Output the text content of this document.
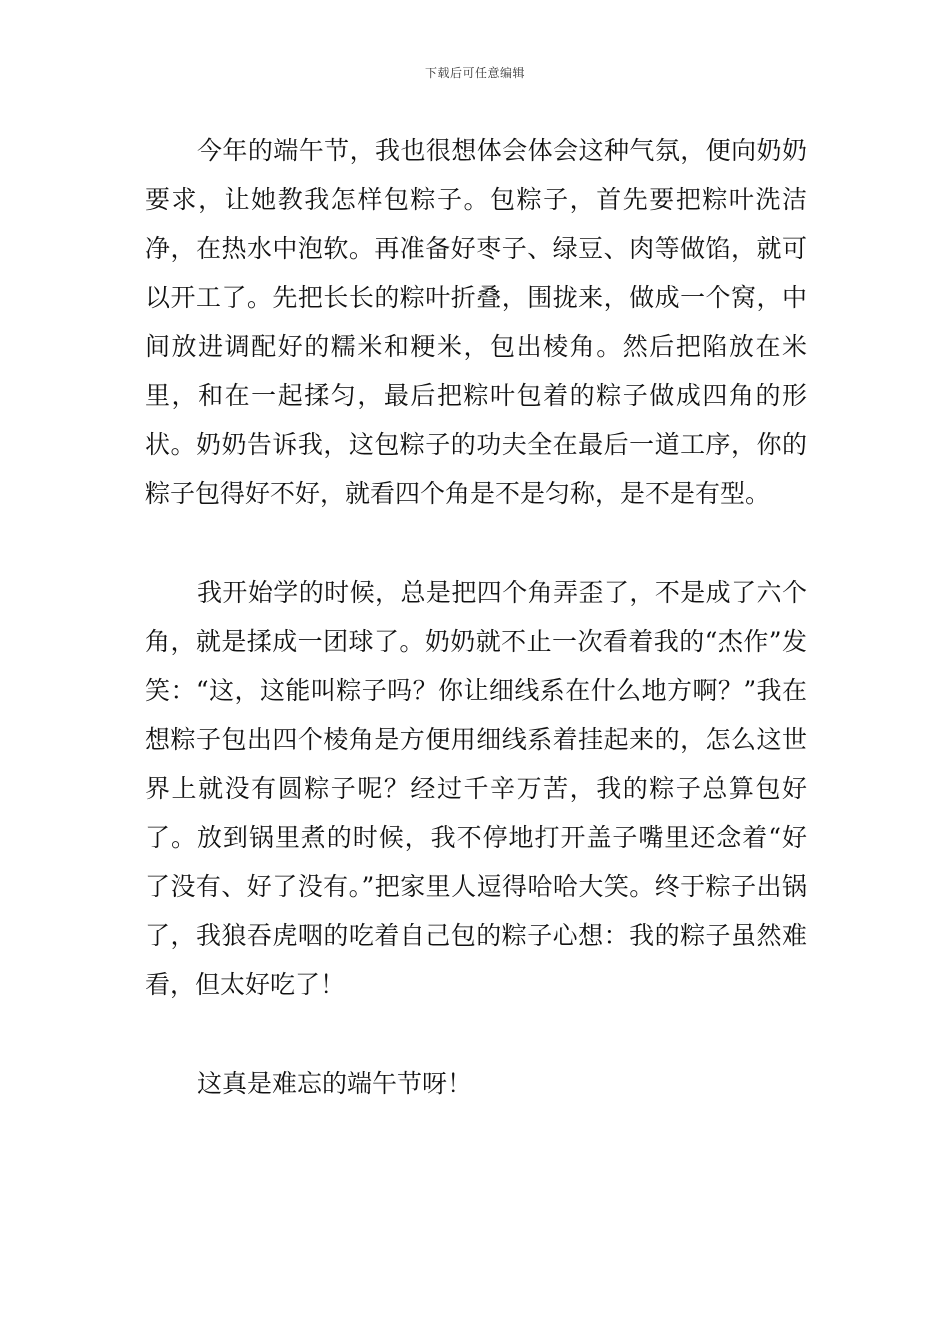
下载后可任意编辑

今年的端午节，我也很想体会体会这种气氛，便向奶奶要求，让她教我怎样包粽子。包粽子，首先要把粽叶洗洁净，在热水中泡软。再准备好枣子、绿豆、肉等做馅，就可以开工了。先把长长的粽叶折叠，围拢来，做成一个窝，中间放进调配好的糯米和粳米，包出棱角。然后把陷放在米里，和在一起揉匀，最后把粽叶包着的粽子做成四角的形状。奶奶告诉我，这包粽子的功夫全在最后一道工序，你的粽子包得好不好，就看四个角是不是匀称，是不是有型。

我开始学的时候，总是把四个角弄歪了，不是成了六个角，就是揉成一团球了。奶奶就不止一次看着我的“杰作”发笑：“这，这能叫粽子吗？你让细线系在什么地方啊？”我在想粽子包出四个棱角是方便用细线系着挂起来的，怎么这世界上就没有圆粽子呢？经过千辛万苦，我的粽子总算包好了。放到锅里煮的时候，我不停地打开盖子嘴里还念着“好了没有、好了没有。”把家里人逗得哈哈大笑。终于粽子出锅了，我狼吞虎咽的吃着自己包的粽子心想：我的粽子虽然难看，但太好吃了！

这真是难忘的端午节呀！
